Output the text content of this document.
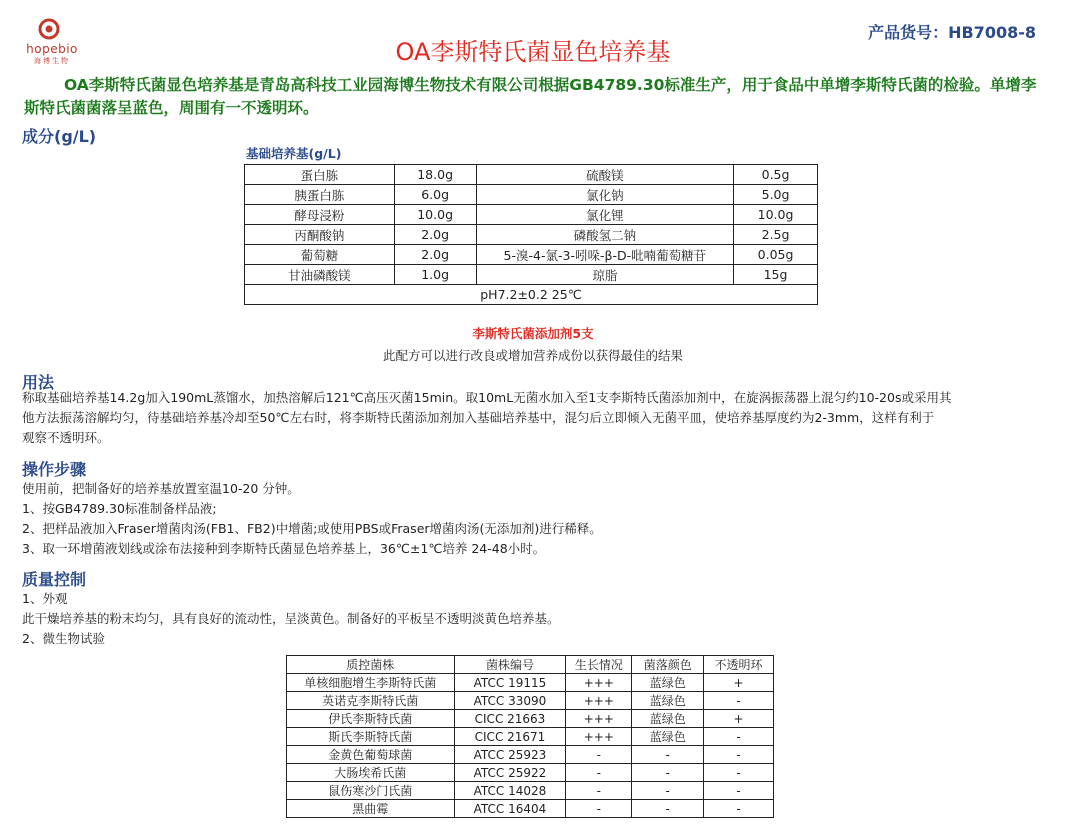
hopebio
海博生物
产品货号：HB7008-8
OA李斯特氏菌显色培养基
OA李斯特氏菌显色培养基是青岛高科技工业园海博生物技术有限公司根据GB4789.30标准生产，用于食品中单增李斯特氏菌的检验。单增李斯特氏菌菌落呈蓝色，周围有一不透明环。
成分(g/L)
基础培养基(g/L)
蛋白胨	18.0g	硫酸镁	0.5g
胰蛋白胨	6.0g	氯化钠	5.0g
酵母浸粉	10.0g	氯化锂	10.0g
丙酮酸钠	2.0g	磷酸氢二钠	2.5g
葡萄糖	2.0g	5-溴-4-氯-3-吲哚-β-D-吡喃葡萄糖苷	0.05g
甘油磷酸镁	1.0g	琼脂	15g
pH7.2±0.2 25℃			
李斯特氏菌添加剂5支
此配方可以进行改良或增加营养成份以获得最佳的结果
用法
称取基础培养基14.2g加入190mL蒸馏水，加热溶解后121℃高压灭菌15min。取10mL无菌水加入至1支李斯特氏菌添加剂中，在旋涡振荡器上混匀约10-20s或采用其
他方法振荡溶解均匀，待基础培养基冷却至50℃左右时，将李斯特氏菌添加剂加入基础培养基中，混匀后立即倾入无菌平皿，使培养基厚度约为2-3mm，这样有利于
观察不透明环。
操作步骤
使用前，把制备好的培养基放置室温10-20 分钟。
1、按GB4789.30标准制备样品液;
2、把样品液加入Fraser增菌肉汤(FB1、FB2)中增菌;或使用PBS或Fraser增菌肉汤(无添加剂)进行稀释。
3、取一环增菌液划线或涂布法接种到李斯特氏菌显色培养基上，36℃±1℃培养 24-48小时。
质量控制
1、外观
此干燥培养基的粉末均匀，具有良好的流动性，呈淡黄色。制备好的平板呈不透明淡黄色培养基。
2、微生物试验
质控菌株	菌株编号	生长情况	菌落颜色	不透明环
单核细胞增生李斯特氏菌	ATCC 19115	+++	蓝绿色	+
英诺克李斯特氏菌	ATCC 33090	+++	蓝绿色	-
伊氏李斯特氏菌	CICC 21663	+++	蓝绿色	+
斯氏李斯特氏菌	CICC 21671	+++	蓝绿色	-
金黄色葡萄球菌	ATCC 25923	-	-	-
大肠埃希氏菌	ATCC 25922	-	-	-
鼠伤寒沙门氏菌	ATCC 14028	-	-	-
黑曲霉	ATCC 16404	-	-	-
